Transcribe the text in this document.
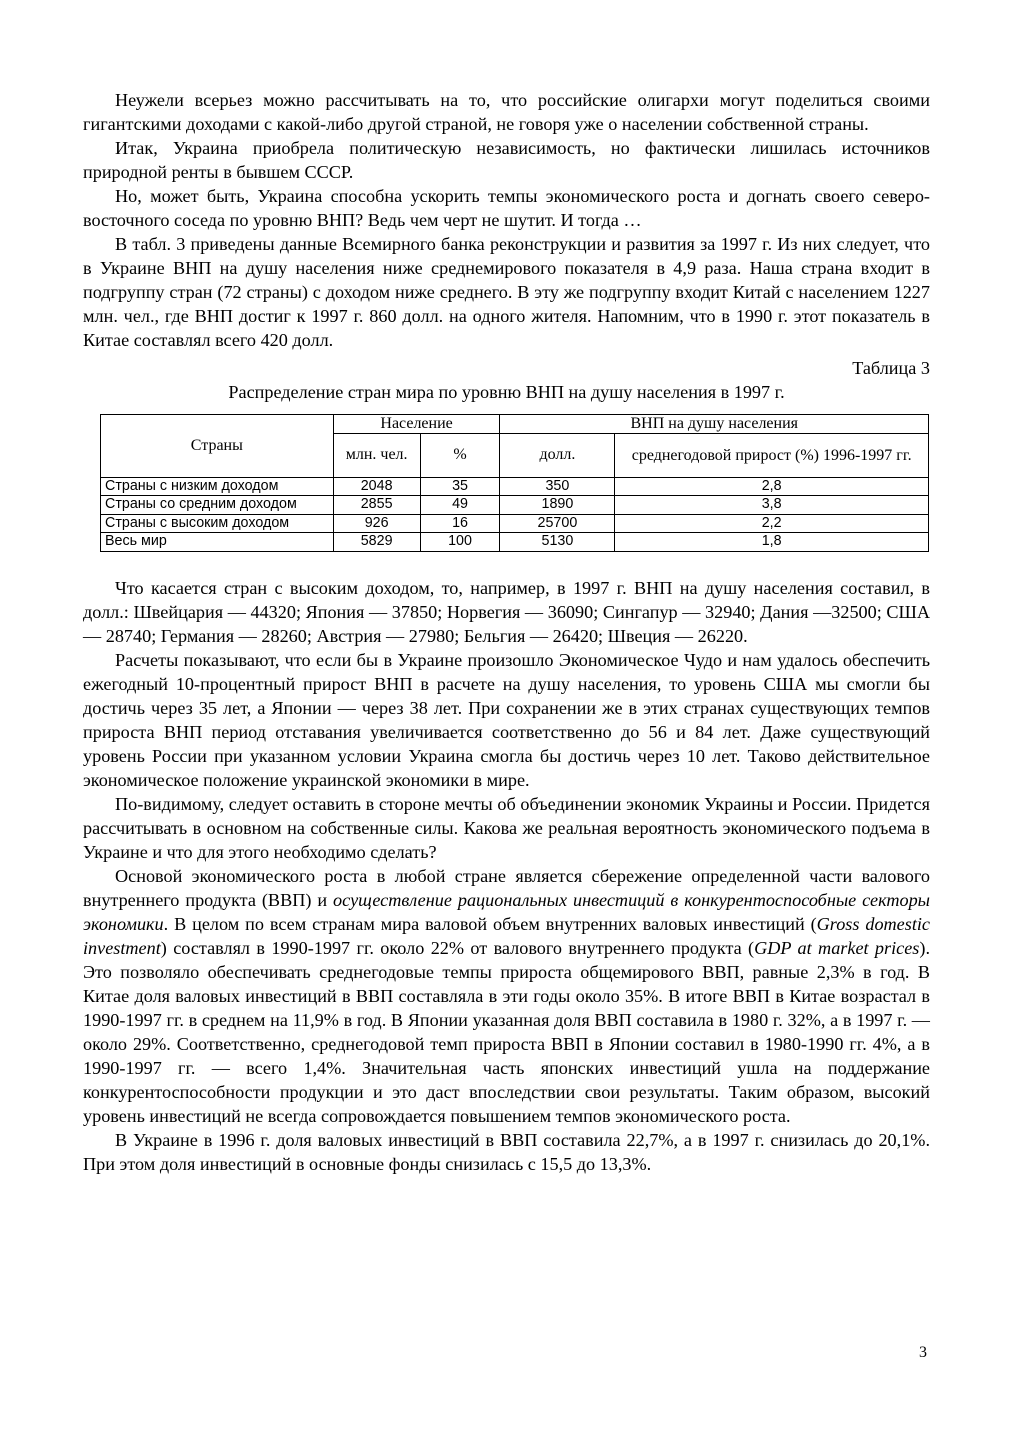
Неужели всерьез можно рассчитывать на то, что российские олигархи могут поделиться своими гигантскими доходами с какой-либо другой страной, не говоря уже о населении собственной страны.

Итак, Украина приобрела политическую независимость, но фактически лишилась источников природной ренты в бывшем СССР.

Но, может быть, Украина способна ускорить темпы экономического роста и догнать своего северо-восточного соседа по уровню ВНП? Ведь чем черт не шутит. И тогда …

В табл. 3 приведены данные Всемирного банка реконструкции и развития за 1997 г. Из них следует, что в Украине ВНП на душу населения ниже среднемирового показателя в 4,9 раза. Наша страна входит в подгруппу стран (72 страны) с доходом ниже среднего. В эту же подгруппу входит Китай с населением 1227 млн. чел., где ВНП достиг к 1997 г. 860 долл. на одного жителя. Напомним, что в 1990 г. этот показатель в Китае составлял всего 420 долл.

Таблица 3
Распределение стран мира по уровню ВНП на душу населения в 1997 г.
Страны	Население		ВНП на душу населения	
	млн. чел.	%	долл.	среднегодовой прирост (%) 1996-1997 гг.
Страны с низким доходом	2048	35	350	2,8
Страны со средним доходом	2855	49	1890	3,8
Страны с высоким доходом	926	16	25700	2,2
Весь мир	5829	100	5130	1,8

Что касается стран с высоким доходом, то, например, в 1997 г. ВНП на душу населения составил, в долл.: Швейцария — 44320; Япония — 37850; Норвегия — 36090; Сингапур — 32940; Дания —32500; США — 28740; Германия — 28260; Австрия — 27980; Бельгия — 26420; Швеция — 26220.

Расчеты показывают, что если бы в Украине произошло Экономическое Чудо и нам удалось обеспечить ежегодный 10-процентный прирост ВНП в расчете на душу населения, то уровень США мы смогли бы достичь через 35 лет, а Японии — через 38 лет. При сохранении же в этих странах существующих темпов прироста ВНП период отставания увеличивается соответственно до 56 и 84 лет. Даже существующий уровень России при указанном условии Украина смогла бы достичь через 10 лет. Таково действительное экономическое положение украинской экономики в мире.

По-видимому, следует оставить в стороне мечты об объединении экономик Украины и России. Придется рассчитывать в основном на собственные силы. Какова же реальная вероятность экономического подъема в Украине и что для этого необходимо сделать?

Основой экономического роста в любой стране является сбережение определенной части валового внутреннего продукта (ВВП) и осуществление рациональных инвестиций в конкурентоспособные секторы экономики. В целом по всем странам мира валовой объем внутренних валовых инвестиций (Gross domestic investment) составлял в 1990-1997 гг. около 22% от валового внутреннего продукта (GDP at market prices). Это позволяло обеспечивать среднегодовые темпы прироста общемирового ВВП, равные 2,3% в год. В Китае доля валовых инвестиций в ВВП составляла в эти годы около 35%. В итоге ВВП в Китае возрастал в 1990-1997 гг. в среднем на 11,9% в год. В Японии указанная доля ВВП составила в 1980 г. 32%, а в 1997 г. — около 29%. Соответственно, среднегодовой темп прироста ВВП в Японии составил в 1980-1990 гг. 4%, а в 1990-1997 гг. — всего 1,4%. Значительная часть японских инвестиций ушла на поддержание конкурентоспособности продукции и это даст впоследствии свои результаты. Таким образом, высокий уровень инвестиций не всегда сопровождается повышением темпов экономического роста.

В Украине в 1996 г. доля валовых инвестиций в ВВП составила 22,7%, а в 1997 г. снизилась до 20,1%. При этом доля инвестиций в основные фонды снизилась с 15,5 до 13,3%.

3
